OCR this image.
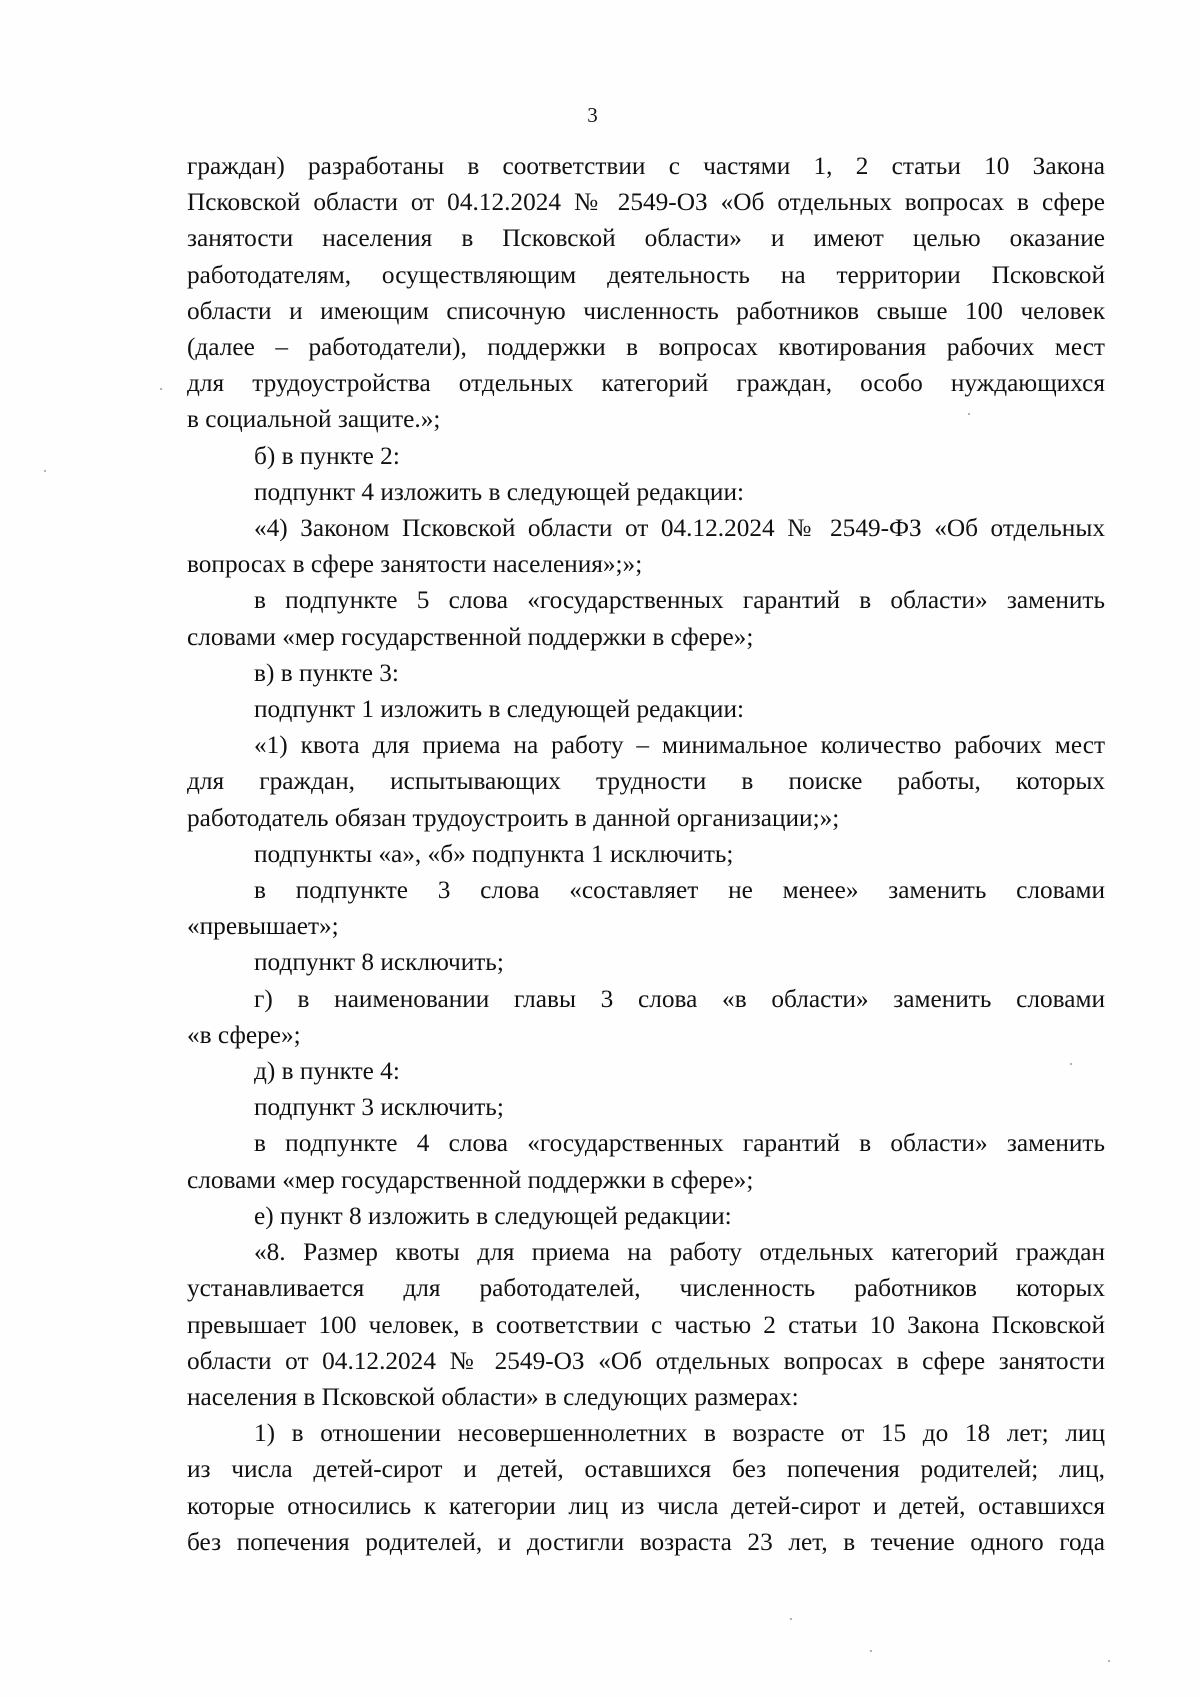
3
граждан) разработаны в соответствии с частями 1, 2 статьи 10 Закона
Псковской области от 04.12.2024 № 2549-ОЗ «Об отдельных вопросах в сфере
занятости населения в Псковской области» и имеют целью оказание
работодателям, осуществляющим деятельность на территории Псковской
области и имеющим списочную численность работников свыше 100 человек
(далее – работодатели), поддержки в вопросах квотирования рабочих мест
для трудоустройства отдельных категорий граждан, особо нуждающихся
в социальной защите.»;
б) в пункте 2:
подпункт 4 изложить в следующей редакции:
«4) Законом Псковской области от 04.12.2024 № 2549-ФЗ «Об отдельных
вопросах в сфере занятости населения»;»;
в подпункте 5 слова «государственных гарантий в области» заменить
словами «мер государственной поддержки в сфере»;
в) в пункте 3:
подпункт 1 изложить в следующей редакции:
«1) квота для приема на работу – минимальное количество рабочих мест
для граждан, испытывающих трудности в поиске работы, которых
работодатель обязан трудоустроить в данной организации;»;
подпункты «а», «б» подпункта 1 исключить;
в подпункте 3 слова «составляет не менее» заменить словами
«превышает»;
подпункт 8 исключить;
г) в наименовании главы 3 слова «в области» заменить словами
«в сфере»;
д) в пункте 4:
подпункт 3 исключить;
в подпункте 4 слова «государственных гарантий в области» заменить
словами «мер государственной поддержки в сфере»;
е) пункт 8 изложить в следующей редакции:
«8. Размер квоты для приема на работу отдельных категорий граждан
устанавливается для работодателей, численность работников которых
превышает 100 человек, в соответствии с частью 2 статьи 10 Закона Псковской
области от 04.12.2024 № 2549-ОЗ «Об отдельных вопросах в сфере занятости
населения в Псковской области» в следующих размерах:
1) в отношении несовершеннолетних в возрасте от 15 до 18 лет; лиц
из числа детей-сирот и детей, оставшихся без попечения родителей; лиц,
которые относились к категории лиц из числа детей-сирот и детей, оставшихся
без попечения родителей, и достигли возраста 23 лет, в течение одного года
